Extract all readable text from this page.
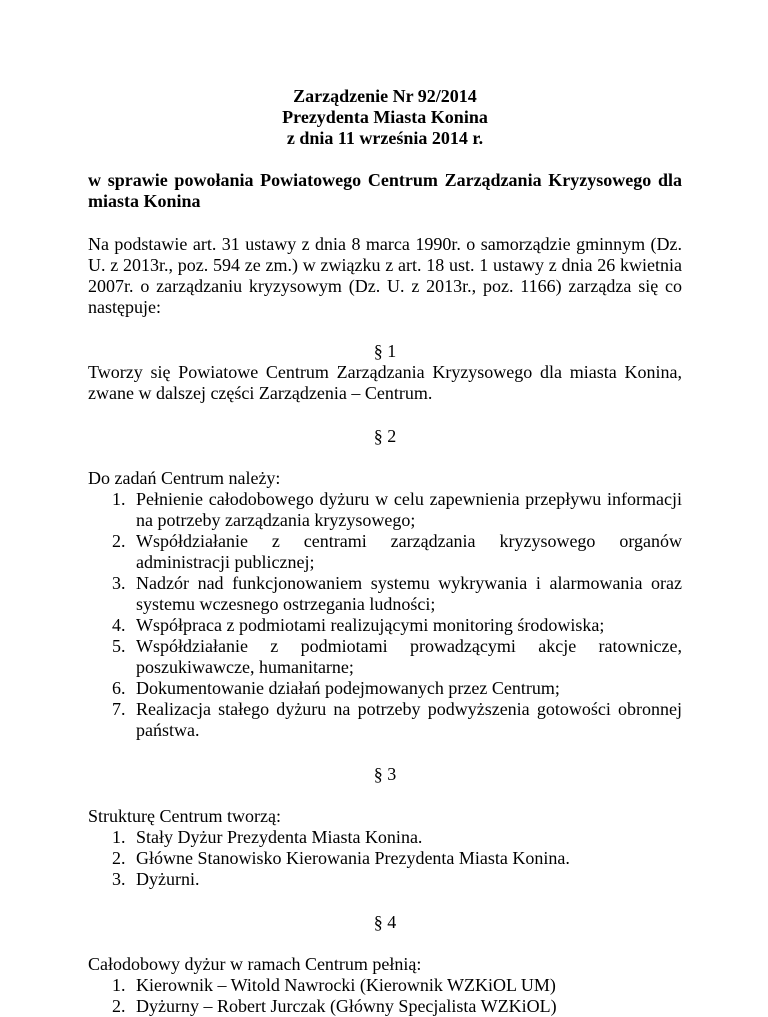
Zarządzenie Nr 92/2014
Prezydenta Miasta Konina
z dnia 11 września 2014 r.
w sprawie powołania Powiatowego Centrum Zarządzania Kryzysowego dla miasta Konina
Na podstawie art. 31 ustawy z dnia 8 marca 1990r. o samorządzie gminnym (Dz. U. z 2013r., poz. 594 ze zm.) w związku z art. 18 ust. 1 ustawy z dnia 26 kwietnia 2007r. o zarządzaniu kryzysowym (Dz. U. z 2013r., poz. 1166) zarządza się co następuje:
§ 1
Tworzy się Powiatowe Centrum Zarządzania Kryzysowego dla miasta Konina, zwane w dalszej części Zarządzenia – Centrum.
§ 2
Do zadań Centrum należy:
1. Pełnienie całodobowego dyżuru w celu zapewnienia przepływu informacji na potrzeby zarządzania kryzysowego;
2. Współdziałanie z centrami zarządzania kryzysowego organów administracji publicznej;
3. Nadzór nad funkcjonowaniem systemu wykrywania i alarmowania oraz systemu wczesnego ostrzegania ludności;
4. Współpraca z podmiotami realizującymi monitoring środowiska;
5. Współdziałanie z podmiotami prowadzącymi akcje ratownicze, poszukiwawcze, humanitarne;
6. Dokumentowanie działań podejmowanych przez Centrum;
7. Realizacja stałego dyżuru na potrzeby podwyższenia gotowości obronnej państwa.
§ 3
Strukturę Centrum tworzą:
1. Stały Dyżur Prezydenta Miasta Konina.
2. Główne Stanowisko Kierowania Prezydenta Miasta Konina.
3. Dyżurni.
§ 4
Całodobowy dyżur w ramach Centrum pełnią:
1. Kierownik – Witold Nawrocki (Kierownik WZKiOL UM)
2. Dyżurny – Robert Jurczak (Główny Specjalista WZKiOL)
